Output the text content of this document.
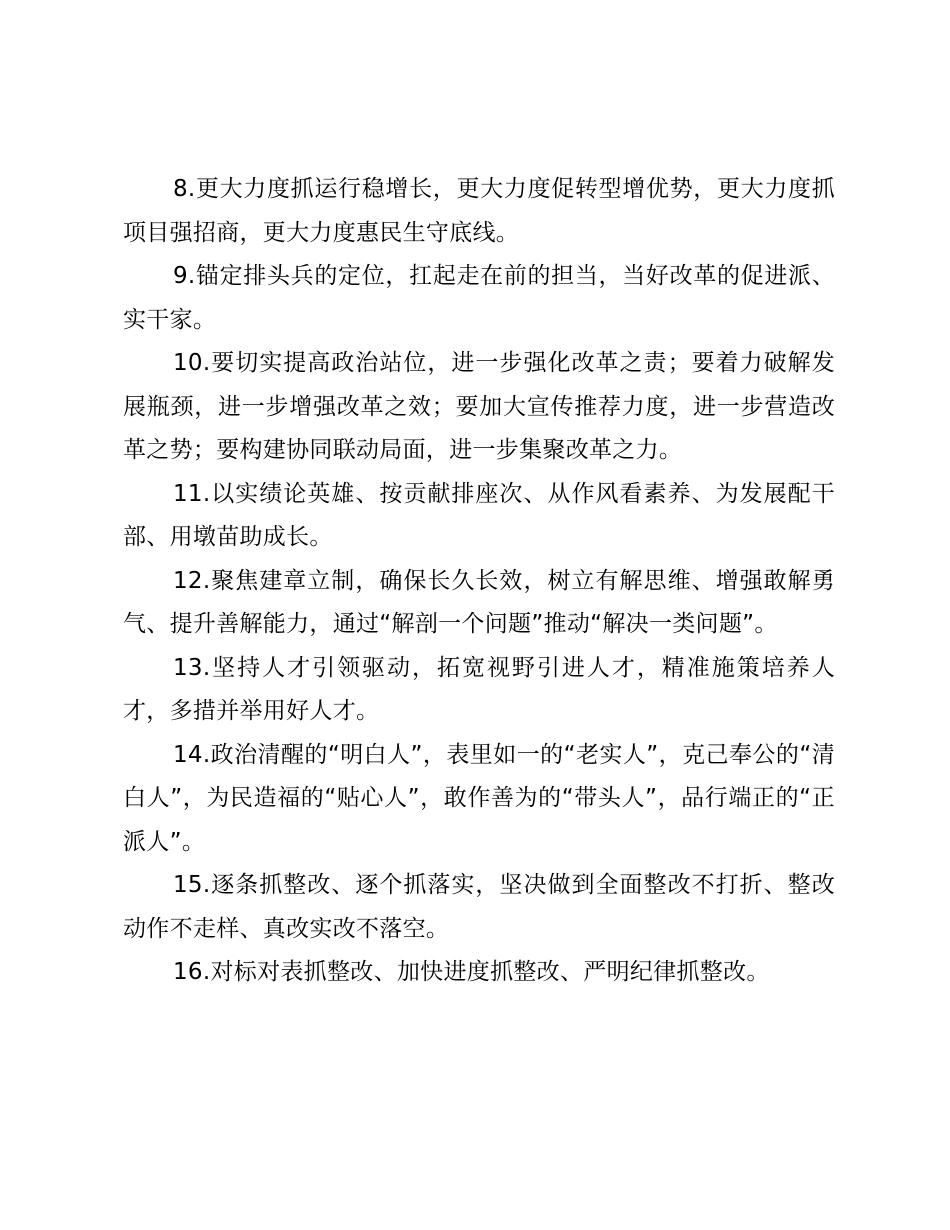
8.更大力度抓运行稳增长，更大力度促转型增优势，更大力度抓项目强招商，更大力度惠民生守底线。

9.锚定排头兵的定位，扛起走在前的担当，当好改革的促进派、实干家。

10.要切实提高政治站位，进一步强化改革之责；要着力破解发展瓶颈，进一步增强改革之效；要加大宣传推荐力度，进一步营造改革之势；要构建协同联动局面，进一步集聚改革之力。

11.以实绩论英雄、按贡献排座次、从作风看素养、为发展配干部、用墩苗助成长。

12.聚焦建章立制，确保长久长效，树立有解思维、增强敢解勇气、提升善解能力，通过“解剖一个问题”推动“解决一类问题”。

13.坚持人才引领驱动，拓宽视野引进人才，精准施策培养人才，多措并举用好人才。

14.政治清醒的“明白人”，表里如一的“老实人”，克己奉公的“清白人”，为民造福的“贴心人”，敢作善为的“带头人”，品行端正的“正派人”。

15.逐条抓整改、逐个抓落实，坚决做到全面整改不打折、整改动作不走样、真改实改不落空。

16.对标对表抓整改、加快进度抓整改、严明纪律抓整改。
